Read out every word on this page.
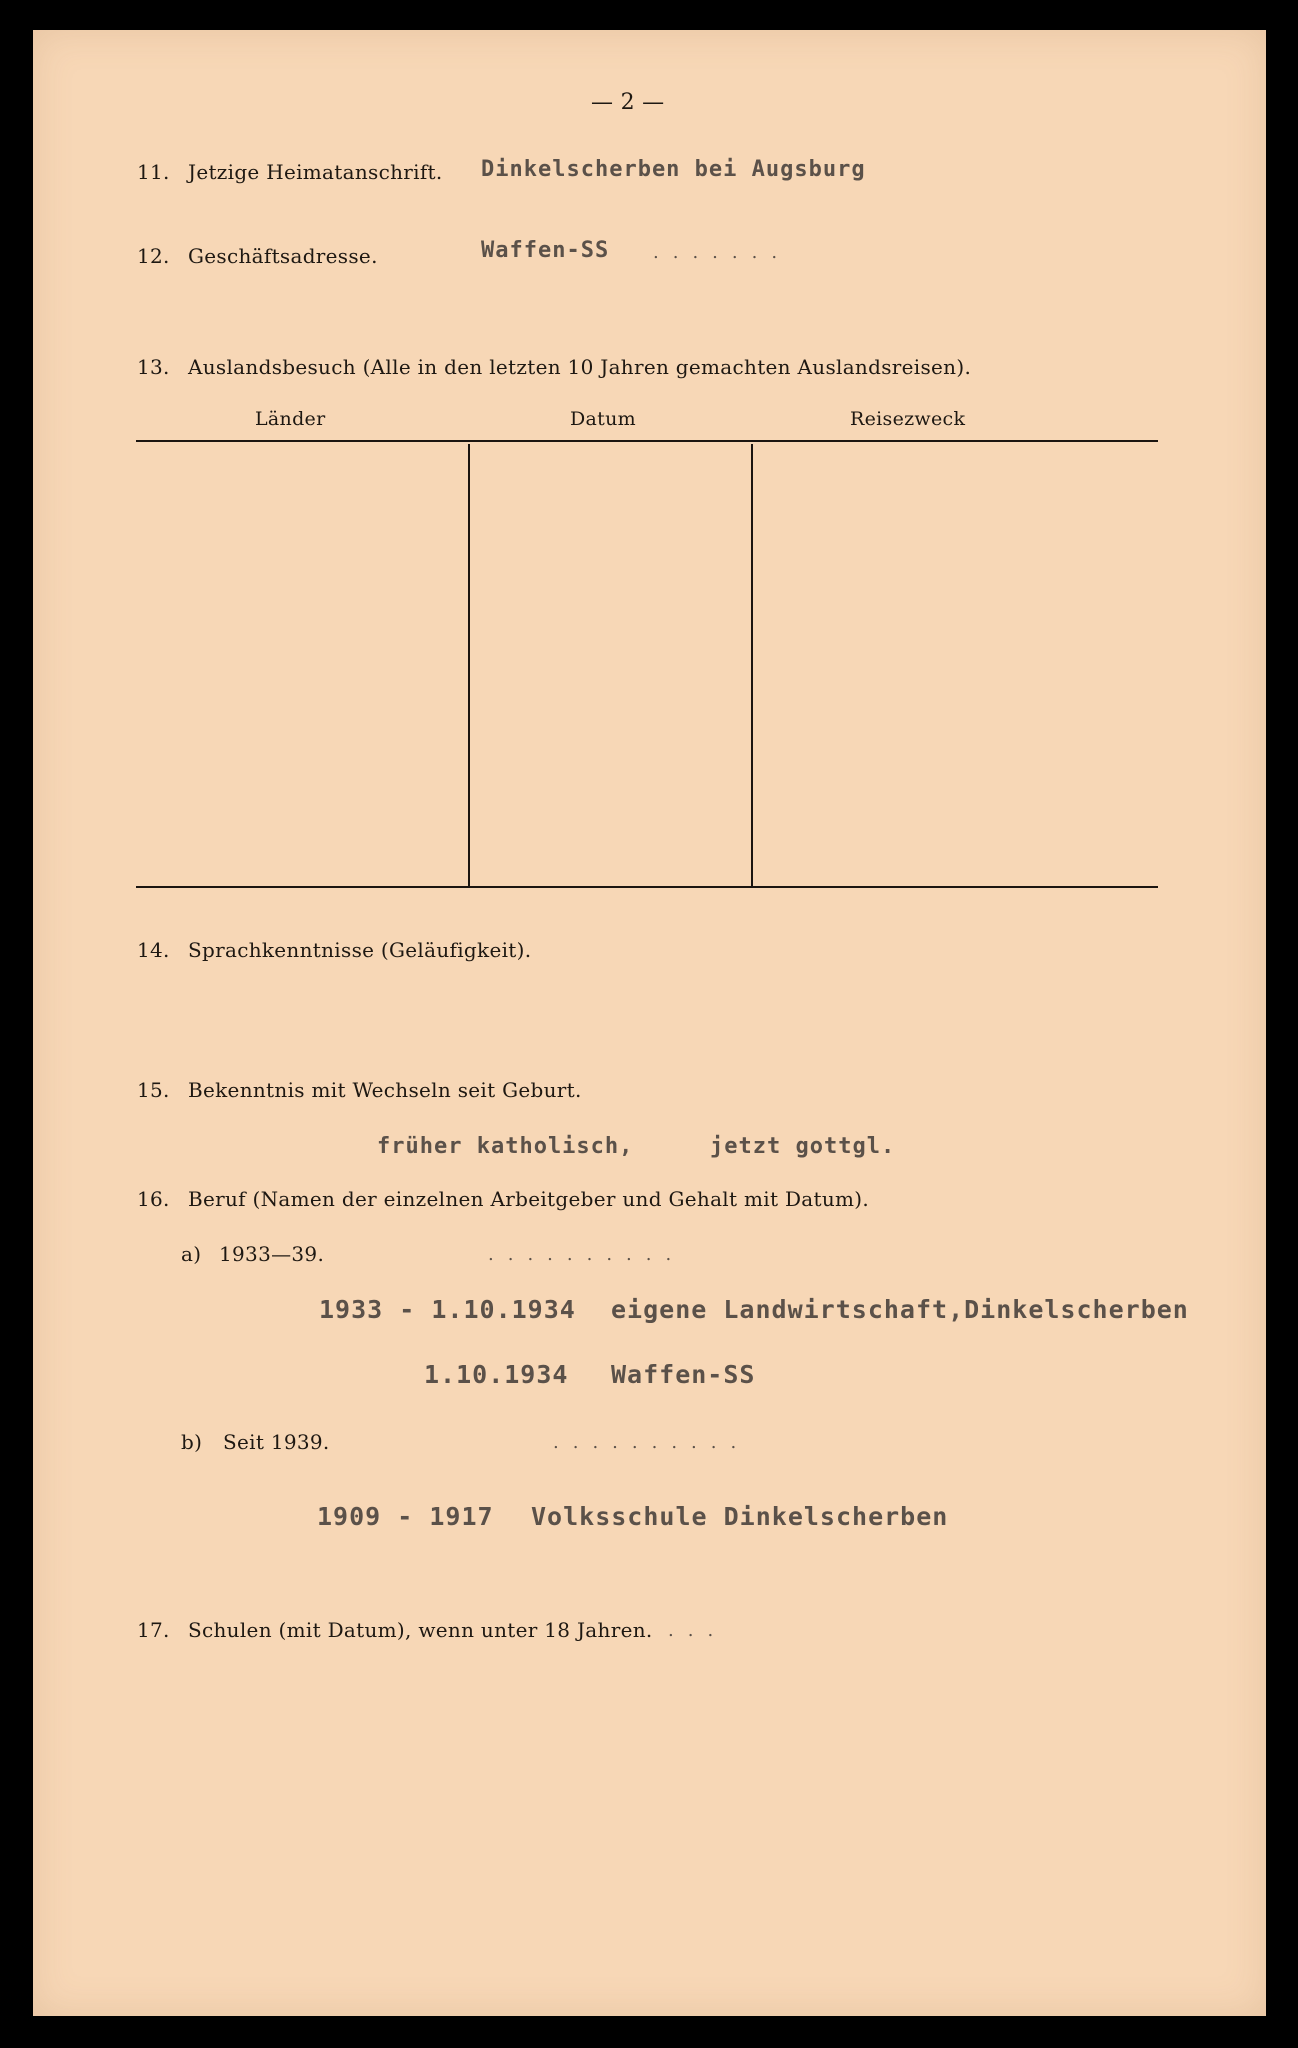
— 2 —
11. Jetzige Heimatanschrift. Dinkelscherben bei Augsburg
12. Geschäftsadresse.	Waffen-SS .......
13. Auslandsbesuch (Alle in den letzten 10 Jahren gemachten Auslandsreisen).
Länder	Datum	Reisezweck
14. Sprachkenntnisse (Geläufigkeit).
15. Bekenntnis mit Wechseln seit Geburt.
früher katholisch,	jetzt gottgl.
16. Beruf (Namen der einzelnen Arbeitgeber und Gehalt mit Datum).
a) 1933—39.	..........
1933 - 1.10.1934 eigene Landwirtschaft,Dinkelscherben
1.10.1934 Waffen-SS
b) Seit 1939.	..........
1909 - 1917 Volksschule Dinkelscherben
17. Schulen (mit Datum), wenn unter 18 Jahren. ...
